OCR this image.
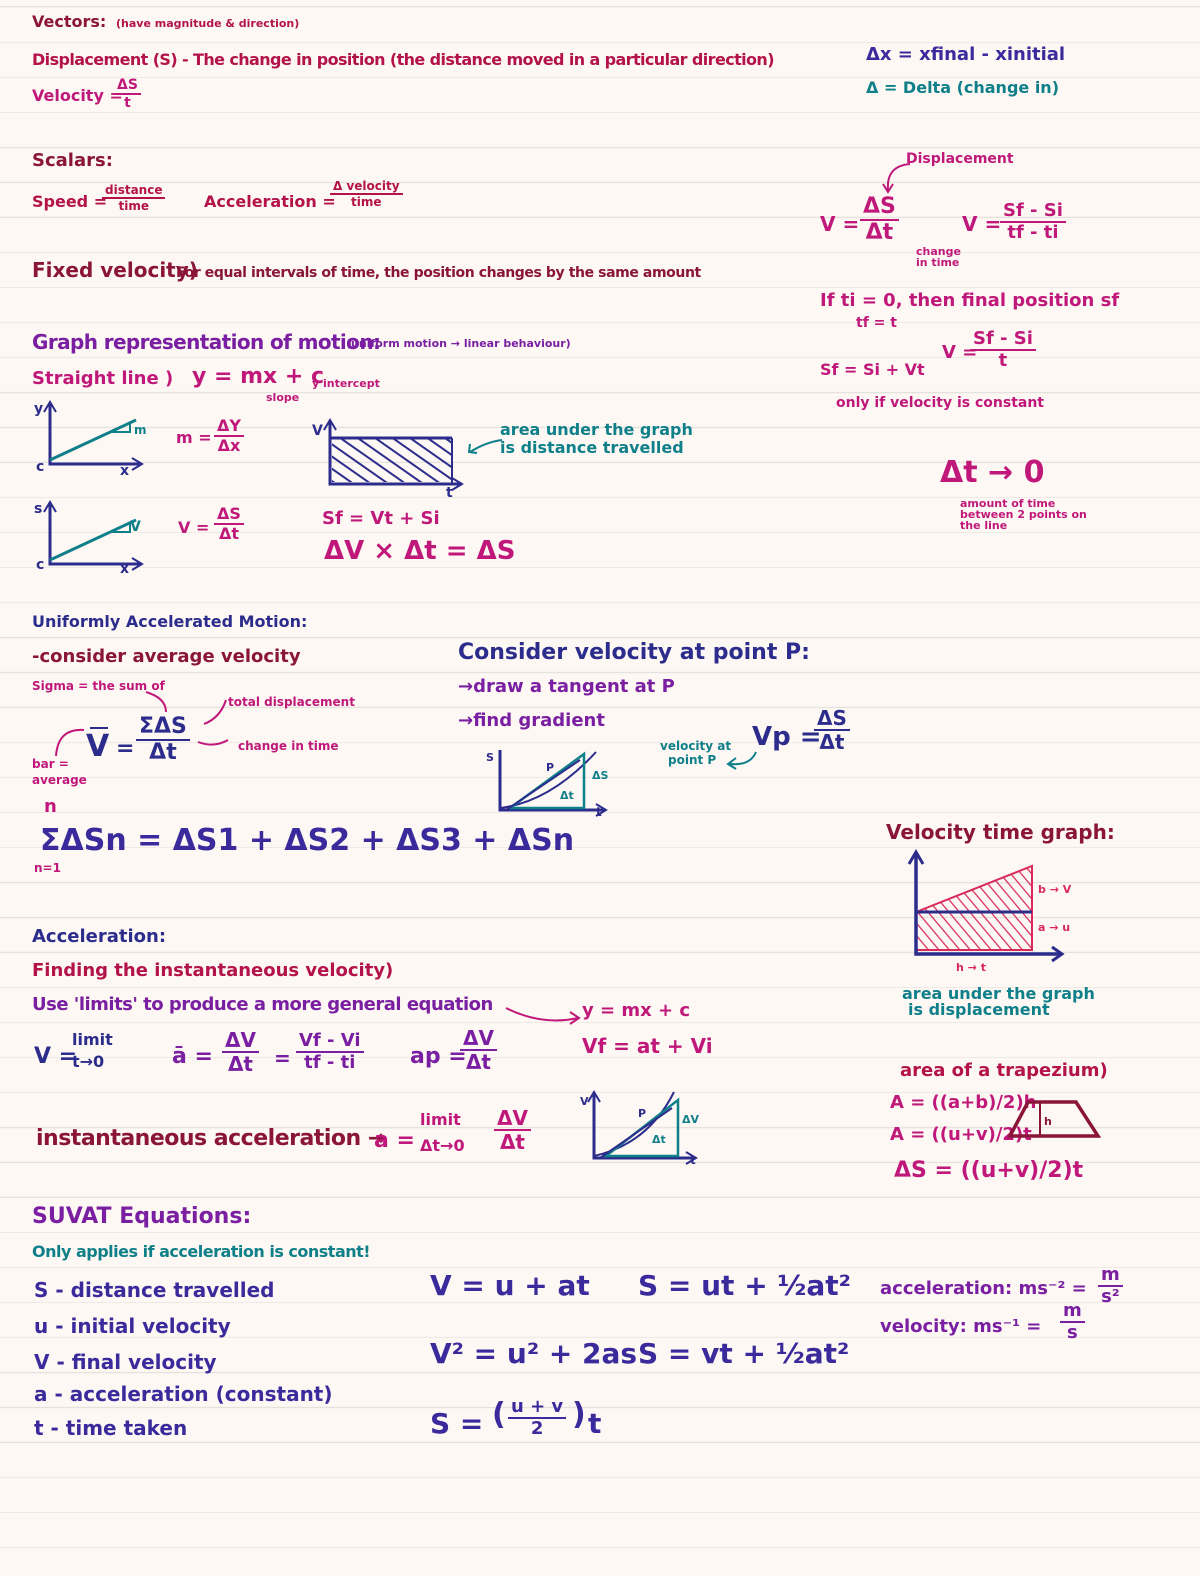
Vectors: (have magnitude & direction)
Displacement (S) - The change in position (the distance moved in a particular direction)	Δx = xfinal - xinitial
Δ = Delta (change in)
Velocity =
$\frac{\Delta S}{t}$
Scalars:
Speed =
distance
time	Acceleration =
Δ velocity
time
Fixed velocity)
For equal intervals of time, the position changes by the same amount
Displacement
$V = \frac{\Delta S}{\Delta t}$
change in time
V =
$\frac{Sf - Si}{tf - ti}$
If ti = 0, then final position sf
tf = t
V =
$\frac{Sf - Si}{t}$
Sf = Si + Vt
only if velocity is constant
Δt → 0
amount of time between 2 points on the line
Graph representation of motion:
(uniform motion → linear behaviour)
Straight line ) y = mx + c
y intercept
slope
y
x
c
m $m = \frac{\Delta Y}{\Delta x}$	V
t
area under the graph
is distance travelled
s
x
c
V $V = \frac{\Delta S}{\Delta t}$	Sf = Vt + Si
ΔV × Δt = ΔS
Uniformly Accelerated Motion:
-consider average velocity
Sigma = the sum of
total displacement
change in time
bar =
average
V =
ΣΔS
Δt
n
ΣΔSn = ΔS1 + ΔS2 + ΔS3 + ΔSn
n=1
Consider velocity at point P:
→draw a tangent at P
→find gradient
S
t
P
Δt
ΔS
velocity at
point P
Vp =
$\frac{\Delta S}{\Delta t}$
Velocity time graph:
b → V
a → u
h → t
area under the graph
is displacement
area of a trapezium)
A = ((a+b)/2)h
A = ((u+v)/2)t
ΔS = ((u+v)/2)t
h
Acceleration:
Finding the instantaneous velocity)
Use 'limits' to produce a more general equation	y = mx + c
Vf = at + Vi
V =
limit
t→0	ā = $\frac{\Delta V}{\Delta t} = \frac{Vf - Vi}{tf - ti}$ ap =
$\frac{\Delta V}{\Delta t}$
instantaneous acceleration →
a =
limit
$\Delta t\to 0 \frac{\Delta V}{\Delta t}$
V
t
P
Δt
ΔV
SUVAT Equations:
Only applies if acceleration is constant!
S - distance travelled
u - initial velocity
V - final velocity
a - acceleration (constant)
t - time taken
V = u + at
V² = u² + 2as
S = ( $\frac{u + v}{2}$ ) t
S = ut + ½at²
S = vt + ½at²
acceleration: $ms^{-2} = \frac{m}{\text{s²}}$
velocity: $ms^{-1} = \frac{m}{s}$
